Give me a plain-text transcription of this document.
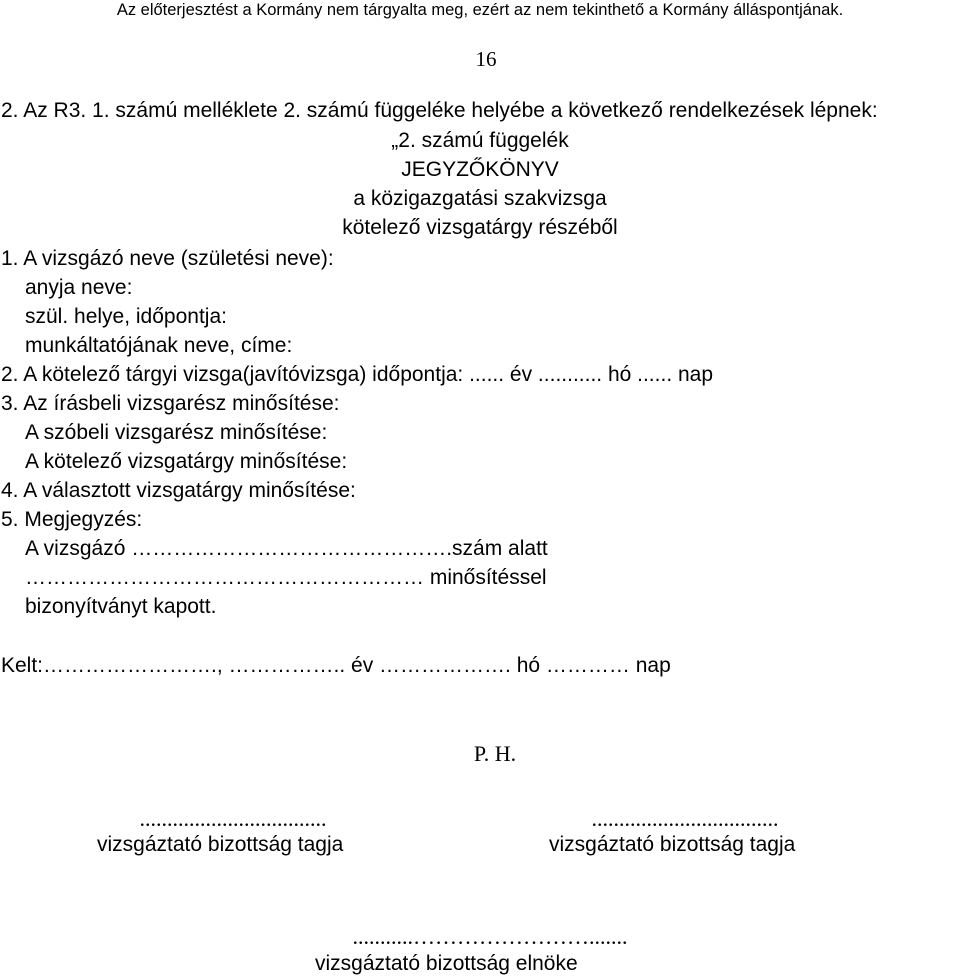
Az előterjesztést a Kormány nem tárgyalta meg, ezért az nem tekinthető a Kormány álláspontjának.
16
2. Az R3. 1. számú melléklete 2. számú függeléke helyébe a következő rendelkezések lépnek:
„2. számú függelék
JEGYZŐKÖNYV
a közigazgatási szakvizsga
kötelező vizsgatárgy részéből
1. A vizsgázó neve (születési neve):
anyja neve:
szül. helye, időpontja:
munkáltatójának neve, címe:
2. A kötelező tárgyi vizsga(javítóvizsga) időpontja: ...... év ........... hó ...... nap
3. Az írásbeli vizsgarész minősítése:
A szóbeli vizsgarész minősítése:
A kötelező vizsgatárgy minősítése:
4. A választott vizsgatárgy minősítése:
5. Megjegyzés:
A vizsgázó ……………………………………….szám alatt
………………………………………………… minősítéssel
bizonyítványt kapott.
Kelt:……………………., …………….. év ………………. hó ………… nap
P. H.
..................................
vizsgáztató bizottság tagja
..................................
vizsgáztató bizottság tagja
...........…………………….......
vizsgáztató bizottság elnöke
